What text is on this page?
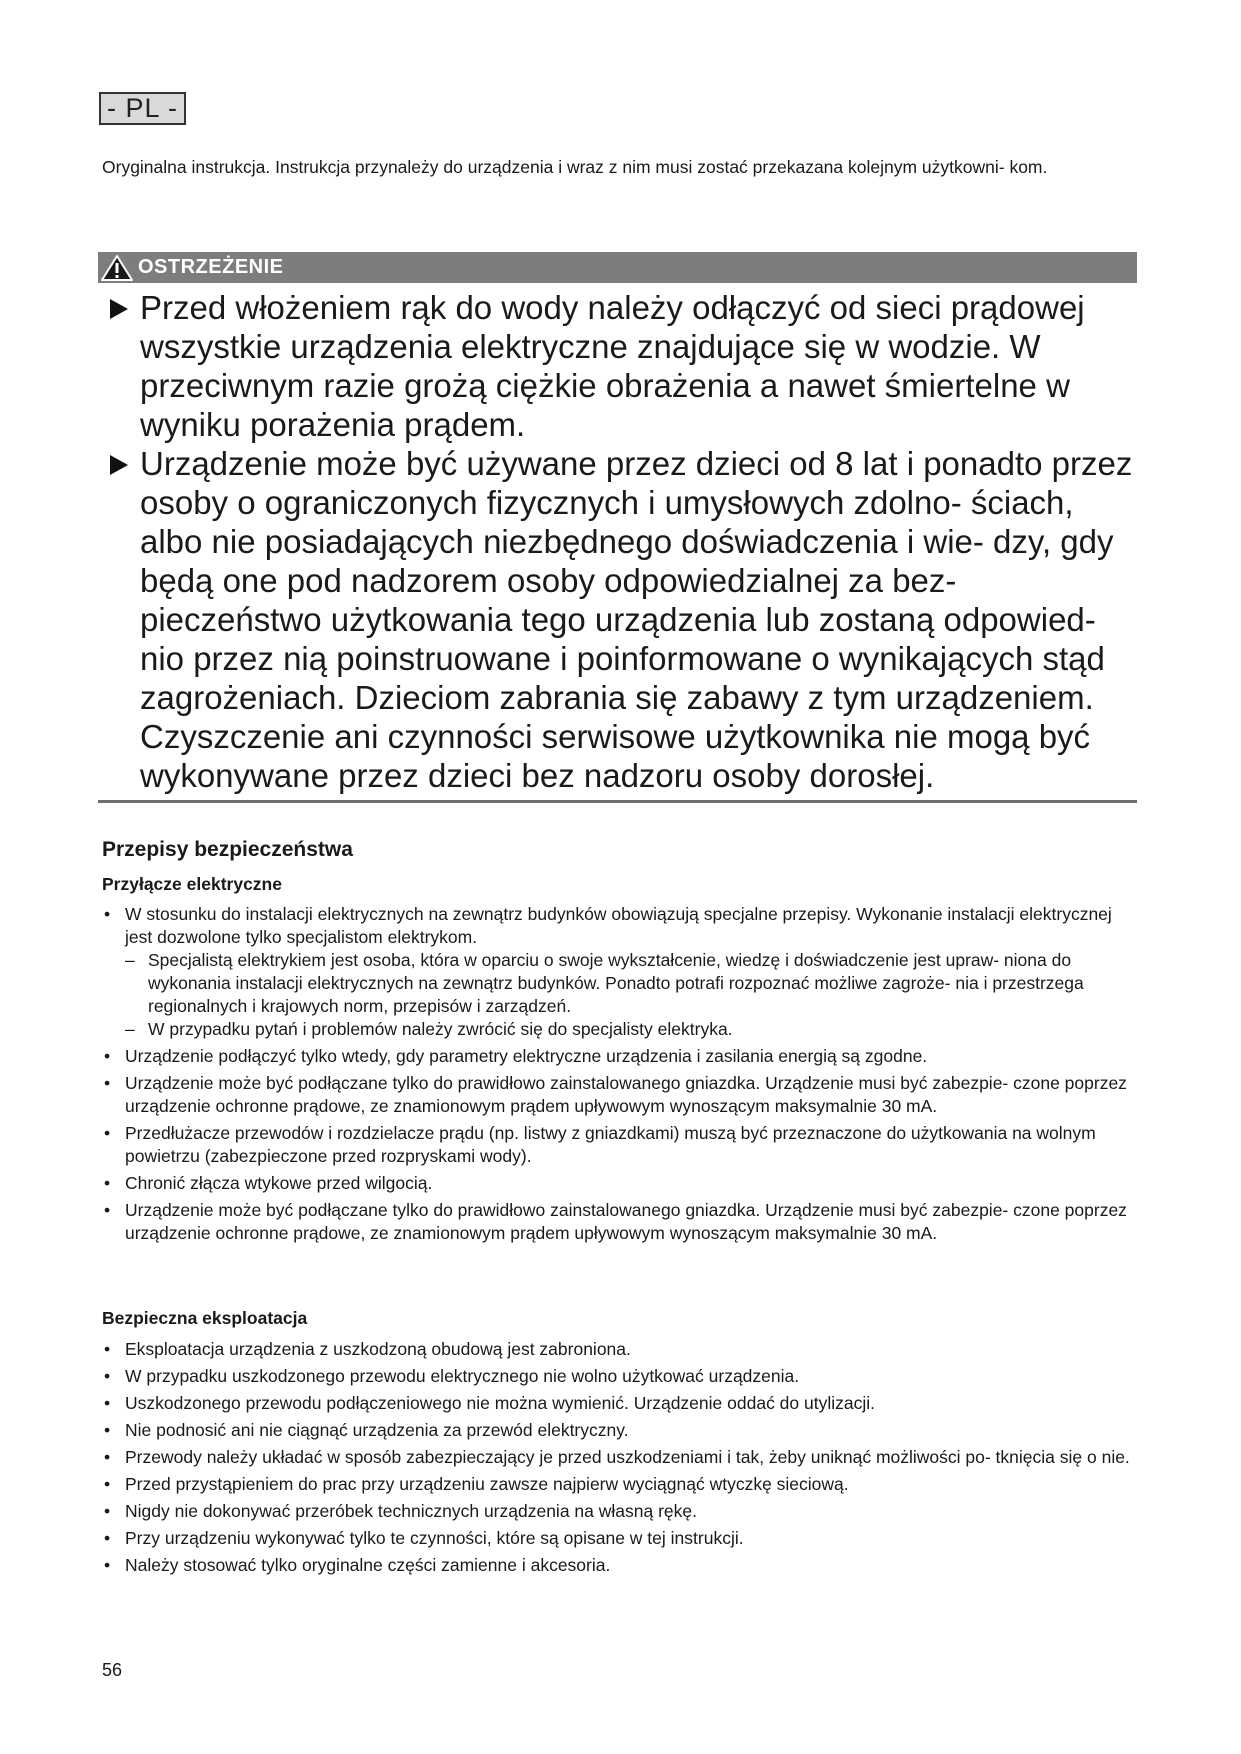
- PL -

Oryginalna instrukcja. Instrukcja przynależy do urządzenia i wraz z nim musi zostać przekazana kolejnym użytkowni- kom.

OSTRZEŻENIE
Przed włożeniem rąk do wody należy odłączyć od sieci prądowej wszystkie urządzenia elektryczne znajdujące się w wodzie. W przeciwnym razie grożą ciężkie obrażenia a nawet śmiertelne w wyniku porażenia prądem.
Urządzenie może być używane przez dzieci od 8 lat i ponadto przez osoby o ograniczonych fizycznych i umysłowych zdolno- ściach, albo nie posiadających niezbędnego doświadczenia i wie- dzy, gdy będą one pod nadzorem osoby odpowiedzialnej za bez- pieczeństwo użytkowania tego urządzenia lub zostaną odpowied- nio przez nią poinstruowane i poinformowane o wynikających stąd zagrożeniach. Dzieciom zabrania się zabawy z tym urządzeniem. Czyszczenie ani czynności serwisowe użytkownika nie mogą być wykonywane przez dzieci bez nadzoru osoby dorosłej.
Przepisy bezpieczeństwa
Przyłącze elektryczne
• W stosunku do instalacji elektrycznych na zewnątrz budynków obowiązują specjalne przepisy. Wykonanie instalacji elektrycznej jest dozwolone tylko specjalistom elektrykom.
– Specjalistą elektrykiem jest osoba, która w oparciu o swoje wykształcenie, wiedzę i doświadczenie jest upraw- niona do wykonania instalacji elektrycznych na zewnątrz budynków. Ponadto potrafi rozpoznać możliwe zagroże- nia i przestrzega regionalnych i krajowych norm, przepisów i zarządzeń.
– W przypadku pytań i problemów należy zwrócić się do specjalisty elektryka.
• Urządzenie podłączyć tylko wtedy, gdy parametry elektryczne urządzenia i zasilania energią są zgodne.
• Urządzenie może być podłączane tylko do prawidłowo zainstalowanego gniazdka. Urządzenie musi być zabezpie- czone poprzez urządzenie ochronne prądowe, ze znamionowym prądem upływowym wynoszącym maksymalnie 30 mA.
• Przedłużacze przewodów i rozdzielacze prądu (np. listwy z gniazdkami) muszą być przeznaczone do użytkowania na wolnym powietrzu (zabezpieczone przed rozpryskami wody).
• Chronić złącza wtykowe przed wilgocią.
• Urządzenie może być podłączane tylko do prawidłowo zainstalowanego gniazdka. Urządzenie musi być zabezpie- czone poprzez urządzenie ochronne prądowe, ze znamionowym prądem upływowym wynoszącym maksymalnie 30 mA.
Bezpieczna eksploatacja
• Eksploatacja urządzenia z uszkodzoną obudową jest zabroniona.
• W przypadku uszkodzonego przewodu elektrycznego nie wolno użytkować urządzenia.
• Uszkodzonego przewodu podłączeniowego nie można wymienić. Urządzenie oddać do utylizacji.
• Nie podnosić ani nie ciągnąć urządzenia za przewód elektryczny.
• Przewody należy układać w sposób zabezpieczający je przed uszkodzeniami i tak, żeby uniknąć możliwości po- tknięcia się o nie.
• Przed przystąpieniem do prac przy urządzeniu zawsze najpierw wyciągnąć wtyczkę sieciową.
• Nigdy nie dokonywać przeróbek technicznych urządzenia na własną rękę.
• Przy urządzeniu wykonywać tylko te czynności, które są opisane w tej instrukcji.
• Należy stosować tylko oryginalne części zamienne i akcesoria.
56
